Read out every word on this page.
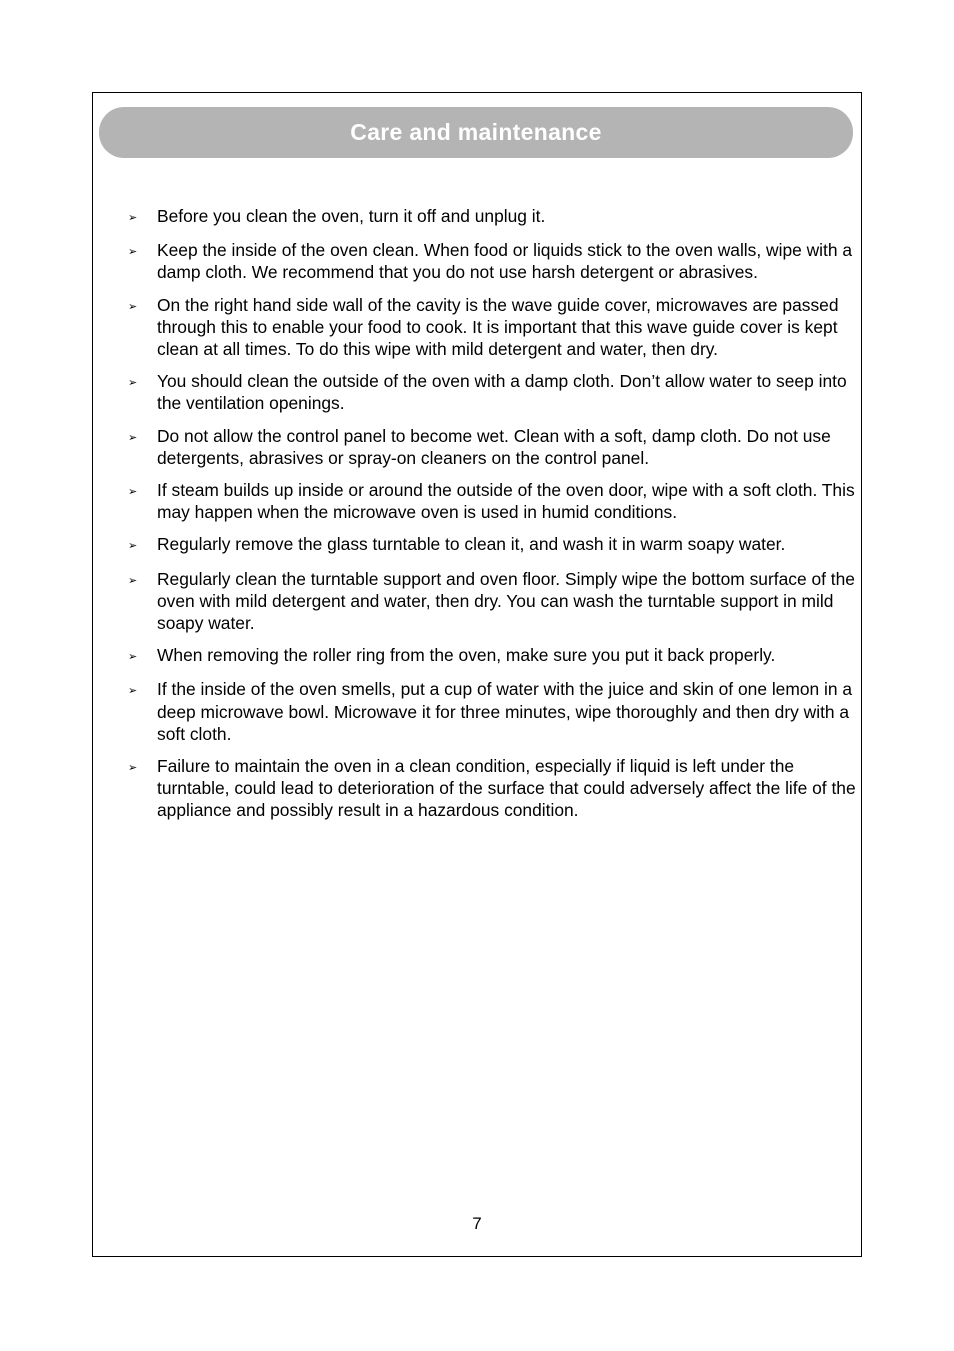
Care and maintenance
➢	Before you clean the oven, turn it off and unplug it.
➢	Keep the inside of the oven clean. When food or liquids stick to the oven walls, wipe with a damp cloth. We recommend that you do not use harsh detergent or abrasives.
➢	On the right hand side wall of the cavity is the wave guide cover, microwaves are passed through this to enable your food to cook. It is important that this wave guide cover is kept clean at all times. To do this wipe with mild detergent and water, then dry.
➢	You should clean the outside of the oven with a damp cloth. Don’t allow water to seep into the ventilation openings.
➢	Do not allow the control panel to become wet. Clean with a soft, damp cloth. Do not use detergents, abrasives or spray-on cleaners on the control panel.
➢	If steam builds up inside or around the outside of the oven door, wipe with a soft cloth. This may happen when the microwave oven is used in humid conditions.
➢	Regularly remove the glass turntable to clean it, and wash it in warm soapy water.
➢	Regularly clean the turntable support and oven floor. Simply wipe the bottom surface of the oven with mild detergent and water, then dry. You can wash the turntable support in mild soapy water.
➢	When removing the roller ring from the oven, make sure you put it back properly.
➢	If the inside of the oven smells, put a cup of water with the juice and skin of one lemon in a deep microwave bowl. Microwave it for three minutes, wipe thoroughly and then dry with a soft cloth.
➢	Failure to maintain the oven in a clean condition, especially if liquid is left under the turntable, could lead to deterioration of the surface that could adversely affect the life of the appliance and possibly result in a hazardous condition.
7
